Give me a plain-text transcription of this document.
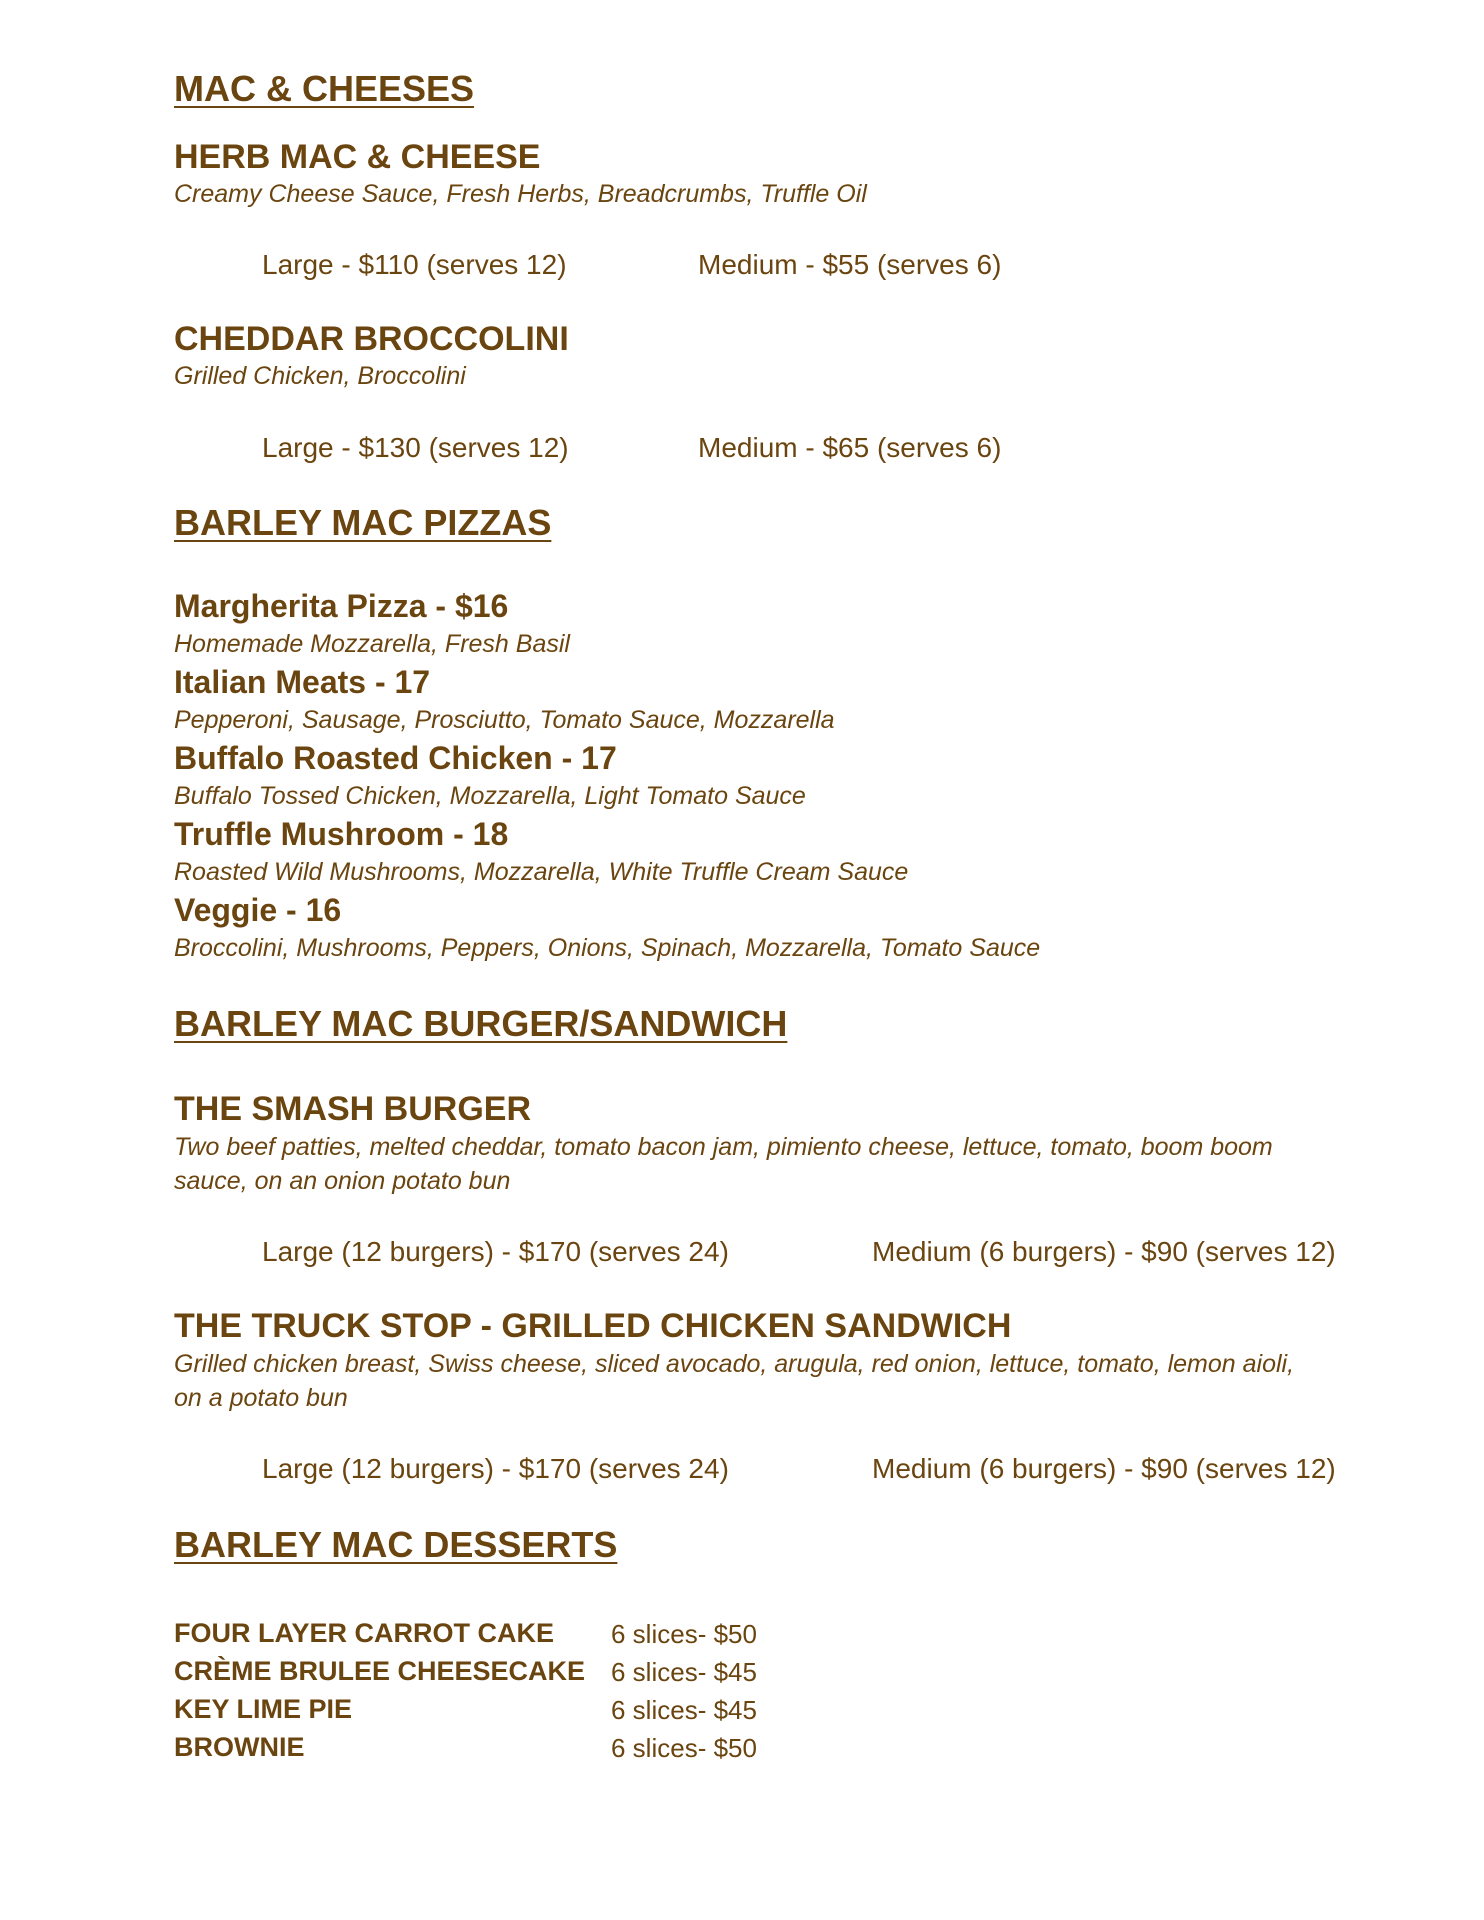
MAC & CHEESES
HERB MAC & CHEESE
Creamy Cheese Sauce, Fresh Herbs, Breadcrumbs, Truffle Oil
Large - $110 (serves 12)	Medium - $55 (serves 6)
CHEDDAR BROCCOLINI
Grilled Chicken, Broccolini
Large - $130 (serves 12)	Medium - $65 (serves 6)
BARLEY MAC PIZZAS
Margherita Pizza - $16
Homemade Mozzarella, Fresh Basil
Italian Meats - 17
Pepperoni, Sausage, Prosciutto, Tomato Sauce, Mozzarella
Buffalo Roasted Chicken - 17
Buffalo Tossed Chicken, Mozzarella, Light Tomato Sauce
Truffle Mushroom - 18
Roasted Wild Mushrooms, Mozzarella, White Truffle Cream Sauce
Veggie - 16
Broccolini, Mushrooms, Peppers, Onions, Spinach, Mozzarella, Tomato Sauce
BARLEY MAC BURGER/SANDWICH
THE SMASH BURGER
Two beef patties, melted cheddar, tomato bacon jam, pimiento cheese, lettuce, tomato, boom boom sauce, on an onion potato bun
Large (12 burgers) - $170 (serves 24)	Medium (6 burgers) - $90 (serves 12)
THE TRUCK STOP - GRILLED CHICKEN SANDWICH
Grilled chicken breast, Swiss cheese, sliced avocado, arugula, red onion, lettuce, tomato, lemon aioli, on a potato bun
Large (12 burgers) - $170 (serves 24)	Medium (6 burgers) - $90 (serves 12)
BARLEY MAC DESSERTS
FOUR LAYER CARROT CAKE 6 slices- $50
CRÈME BRULEE CHEESECAKE 6 slices- $45
KEY LIME PIE	6 slices- $45
BROWNIE	6 slices- $50
